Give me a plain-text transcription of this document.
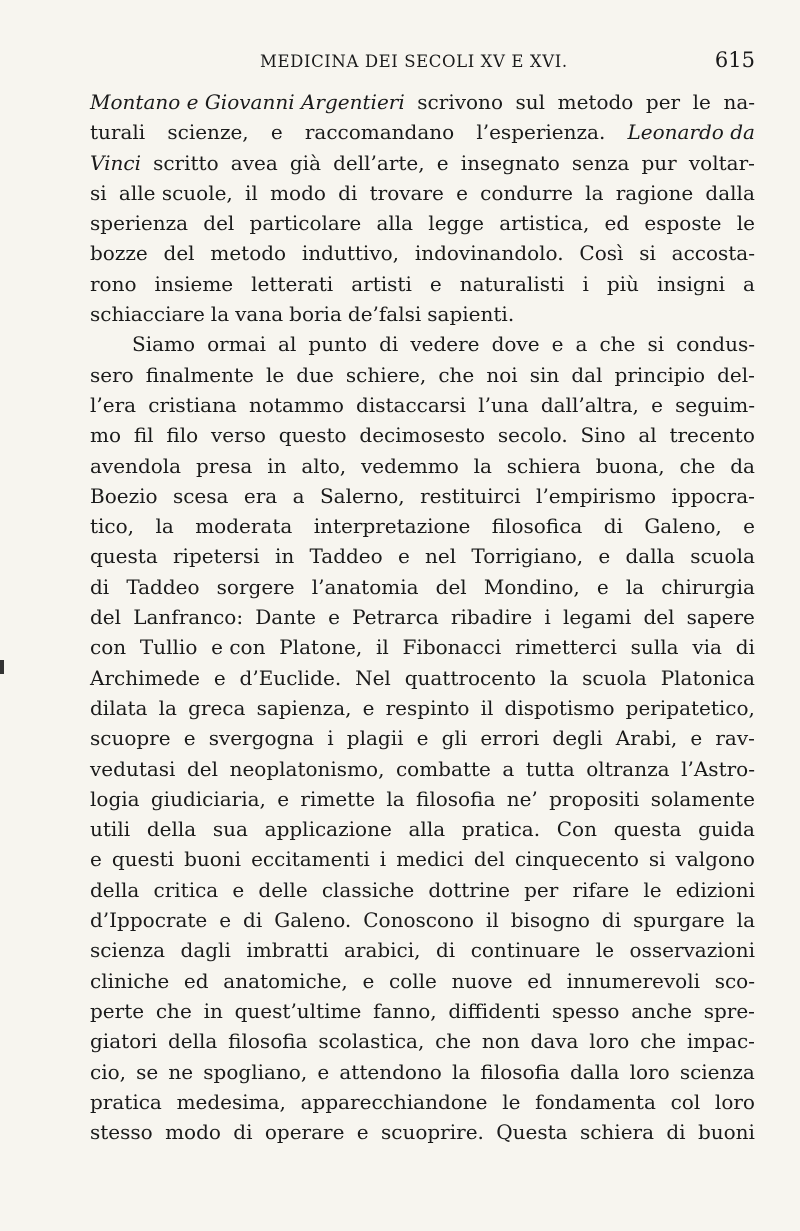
MEDICINA DEI SECOLI XV E XVI.	615
Montano e Giovanni Argentieri scrivono sul metodo per le na-
turali scienze, e raccomandano l’esperienza. Leonardo da
Vinci scritto avea già dell’arte, e insegnato senza pur voltar-
si alle scuole, il modo di trovare e condurre la ragione dalla
sperienza del particolare alla legge artistica, ed esposte le
bozze del metodo induttivo, indovinandolo. Così si accosta-
rono insieme letterati artisti e naturalisti i più insigni a
schiacciare la vana boria de’falsi sapienti.
Siamo ormai al punto di vedere dove e a che si condus-
sero finalmente le due schiere, che noi sin dal principio del-
l’era cristiana notammo distaccarsi l’una dall’altra, e seguim-
mo fil filo verso questo decimosesto secolo. Sino al trecento
avendola presa in alto, vedemmo la schiera buona, che da
Boezio scesa era a Salerno, restituirci l’empirismo ippocra-
tico, la moderata interpretazione filosofica di Galeno, e
questa ripetersi in Taddeo e nel Torrigiano, e dalla scuola
di Taddeo sorgere l’anatomia del Mondino, e la chirurgia
del Lanfranco: Dante e Petrarca ribadire i legami del sapere
con Tullio e con Platone, il Fibonacci rimetterci sulla via di
Archimede e d’Euclide. Nel quattrocento la scuola Platonica
dilata la greca sapienza, e respinto il dispotismo peripatetico,
scuopre e svergogna i plagii e gli errori degli Arabi, e rav-
vedutasi del neoplatonismo, combatte a tutta oltranza l’Astro-
logia giudiciaria, e rimette la filosofia ne’ propositi solamente
utili della sua applicazione alla pratica. Con questa guida
e questi buoni eccitamenti i medici del cinquecento si valgono
della critica e delle classiche dottrine per rifare le edizioni
d’Ippocrate e di Galeno. Conoscono il bisogno di spurgare la
scienza dagli imbratti arabici, di continuare le osservazioni
cliniche ed anatomiche, e colle nuove ed innumerevoli sco-
perte che in quest’ultime fanno, diffidenti spesso anche spre-
giatori della filosofia scolastica, che non dava loro che impac-
cio, se ne spogliano, e attendono la filosofia dalla loro scienza
pratica medesima, apparecchiandone le fondamenta col loro
stesso modo di operare e scuoprire. Questa schiera di buoni
